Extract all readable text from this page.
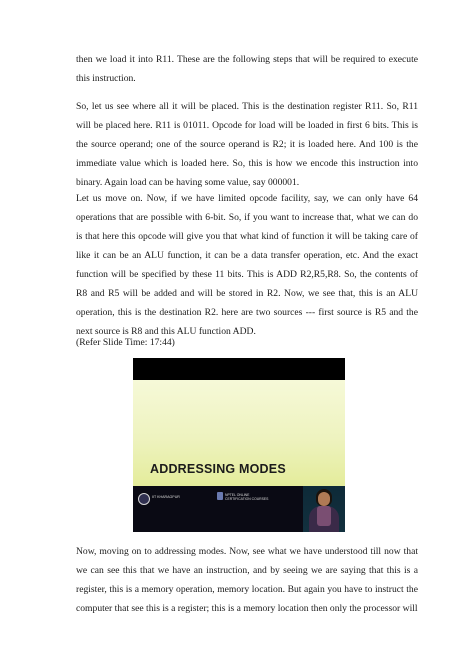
then we load it into R11. These are the following steps that will be required to execute this instruction.

So, let us see where all it will be placed. This is the destination register R11. So, R11 will be placed here. R11 is 01011. Opcode for load will be loaded in first 6 bits. This is the source operand; one of the source operand is R2; it is loaded here. And 100 is the immediate value which is loaded here. So, this is how we encode this instruction into binary. Again load can be having some value, say 000001.

Let us move on. Now, if we have limited opcode facility, say, we can only have 64 operations that are possible with 6-bit. So, if you want to increase that, what we can do is that here this opcode will give you that what kind of function it will be taking care of like it can be an ALU function, it can be a data transfer operation, etc. And the exact function will be specified by these 11 bits. This is ADD R2,R5,R8. So, the contents of R8 and R5 will be added and will be stored in R2. Now, we see that, this is an ALU operation, this is the destination R2. here are two sources --- first source is R5 and the next source is R8 and this ALU function ADD.

(Refer Slide Time: 17:44)

ADDRESSING MODES
IIT KHARAGPUR	NPTEL ONLINE
CERTIFICATION COURSES

Now, moving on to addressing modes. Now, see what we have understood till now that we can see this that we have an instruction, and by seeing we are saying that this is a register, this is a memory operation, memory location. But again you have to instruct the computer that see this is a register; this is a memory location then only the processor will
